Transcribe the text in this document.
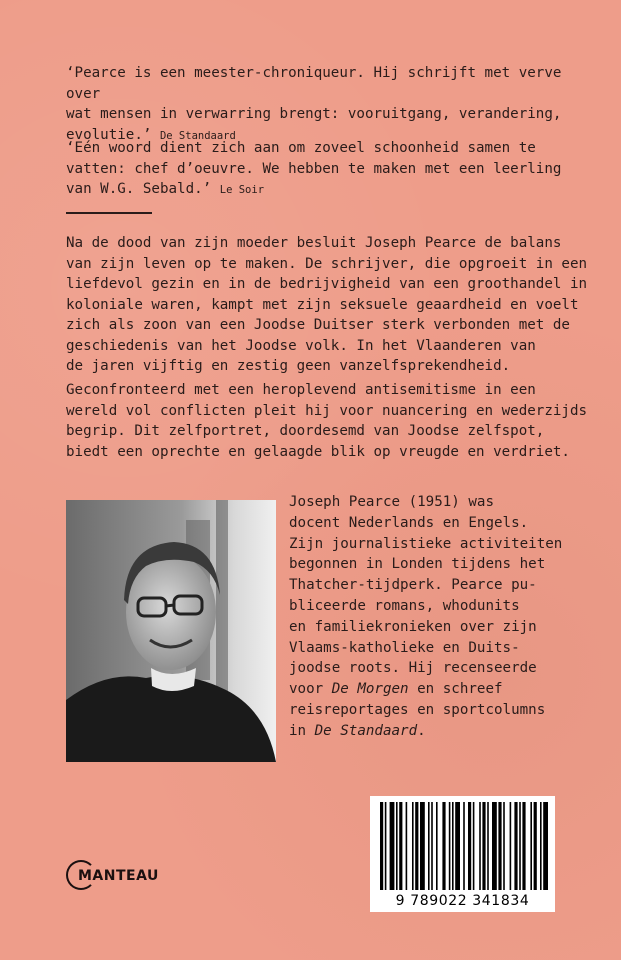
‘Pearce is een meester-chroniqueur. Hij schrijft met verve over
wat mensen in verwarring brengt: vooruitgang, verandering,
evolutie.’ De Standaard

‘Eén woord dient zich aan om zoveel schoonheid samen te
vatten: chef d’oeuvre. We hebben te maken met een leerling
van W.G. Sebald.’ Le Soir

Na de dood van zijn moeder besluit Joseph Pearce de balans
van zijn leven op te maken. De schrijver, die opgroeit in een
liefdevol gezin en in de bedrijvigheid van een groothandel in
koloniale waren, kampt met zijn seksuele geaardheid en voelt
zich als zoon van een Joodse Duitser sterk verbonden met de
geschiedenis van het Joodse volk. In het Vlaanderen van
de jaren vijftig en zestig geen vanzelfsprekendheid.

Geconfronteerd met een heroplevend antisemitisme in een
wereld vol conflicten pleit hij voor nuancering en wederzijds
begrip. Dit zelfportret, doordesemd van Joodse zelfspot,
biedt een oprechte en gelaagde blik op vreugde en verdriet.

Joseph Pearce (1951) was
docent Nederlands en Engels.
Zijn journalistieke activiteiten
begonnen in Londen tijdens het
Thatcher-tijdperk. Pearce pu-
bliceerde romans, whodunits
en familiekronieken over zijn
Vlaams-katholieke en Duits-
joodse roots. Hij recenseerde
voor De Morgen en schreef
reisreportages en sportcolumns
in De Standaard.

MANTEAU
9 789022 341834
